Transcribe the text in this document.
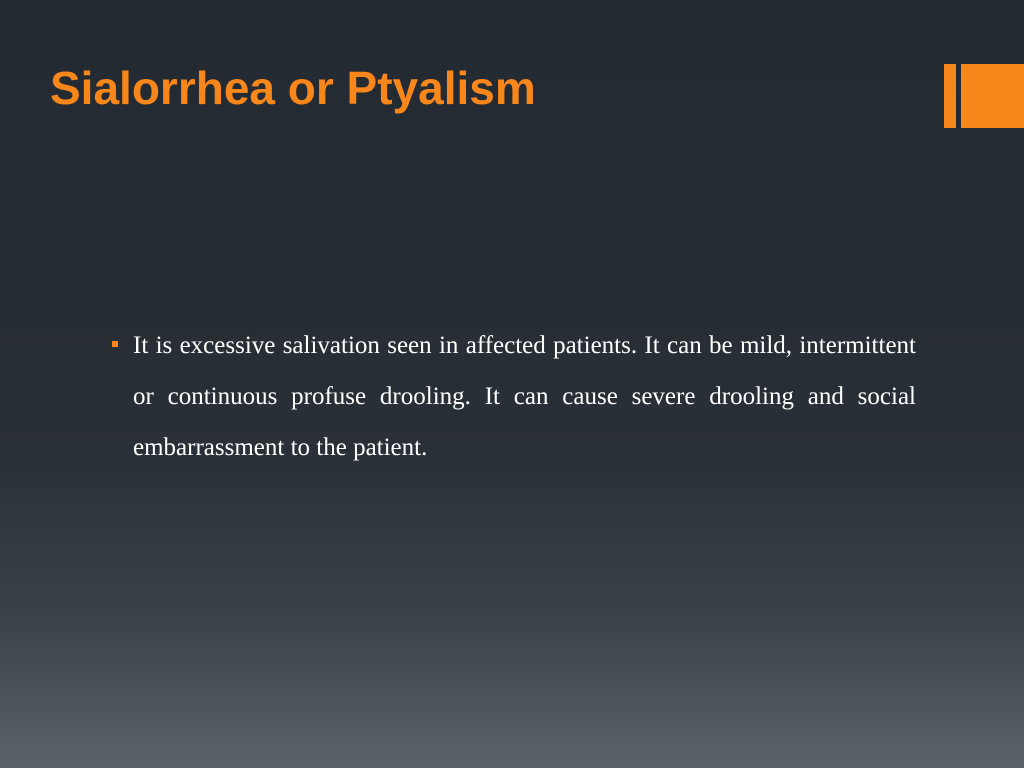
Sialorrhea or Ptyalism

It is excessive salivation seen in affected patients. It can be mild, intermittent or continuous profuse drooling. It can cause severe drooling and social embarrassment to the patient.
